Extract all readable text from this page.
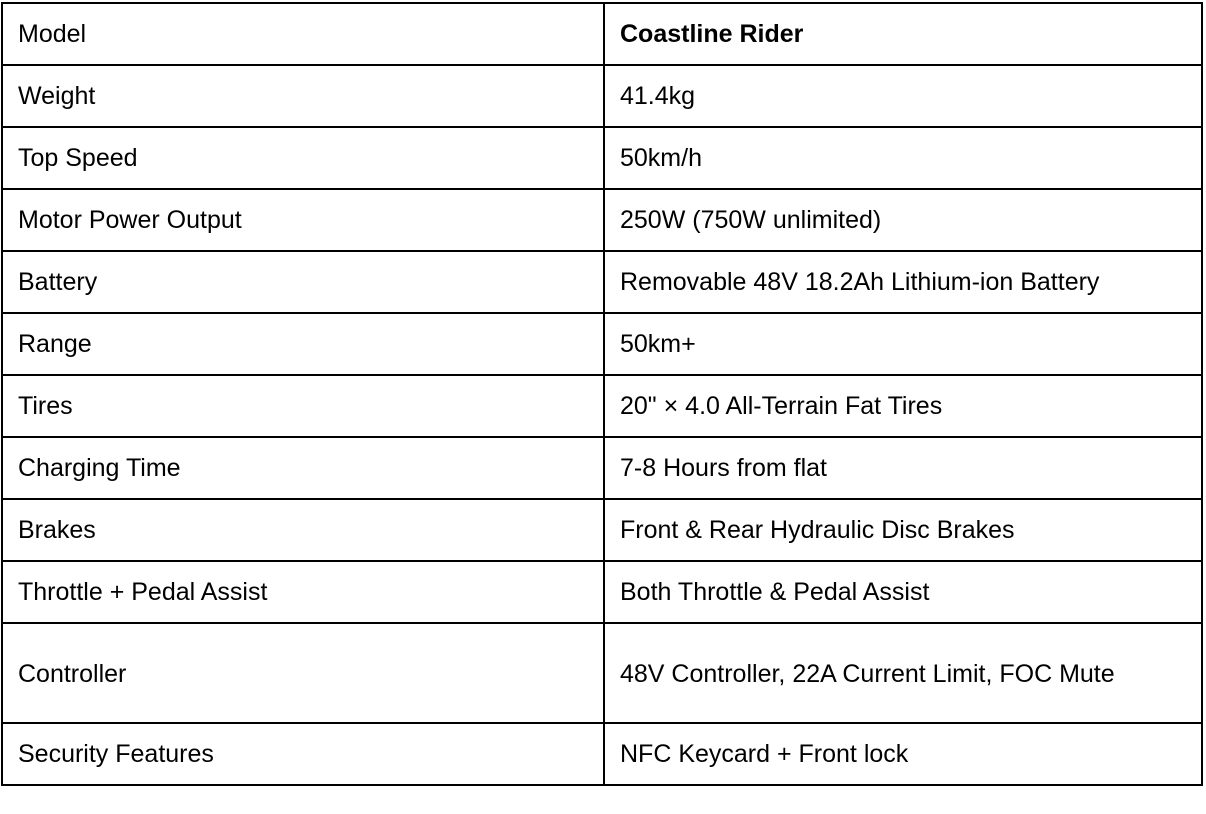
Model	Coastline Rider
Weight	41.4kg
Top Speed	50km/h
Motor Power Output	250W (750W unlimited)
Battery	Removable 48V 18.2Ah Lithium-ion Battery
Range	50km+
Tires	20" × 4.0 All-Terrain Fat Tires
Charging Time	7-8 Hours from flat
Brakes	Front & Rear Hydraulic Disc Brakes
Throttle + Pedal Assist	Both Throttle & Pedal Assist
Controller	48V Controller, 22A Current Limit, FOC Mute

Security Features	NFC Keycard + Front lock
